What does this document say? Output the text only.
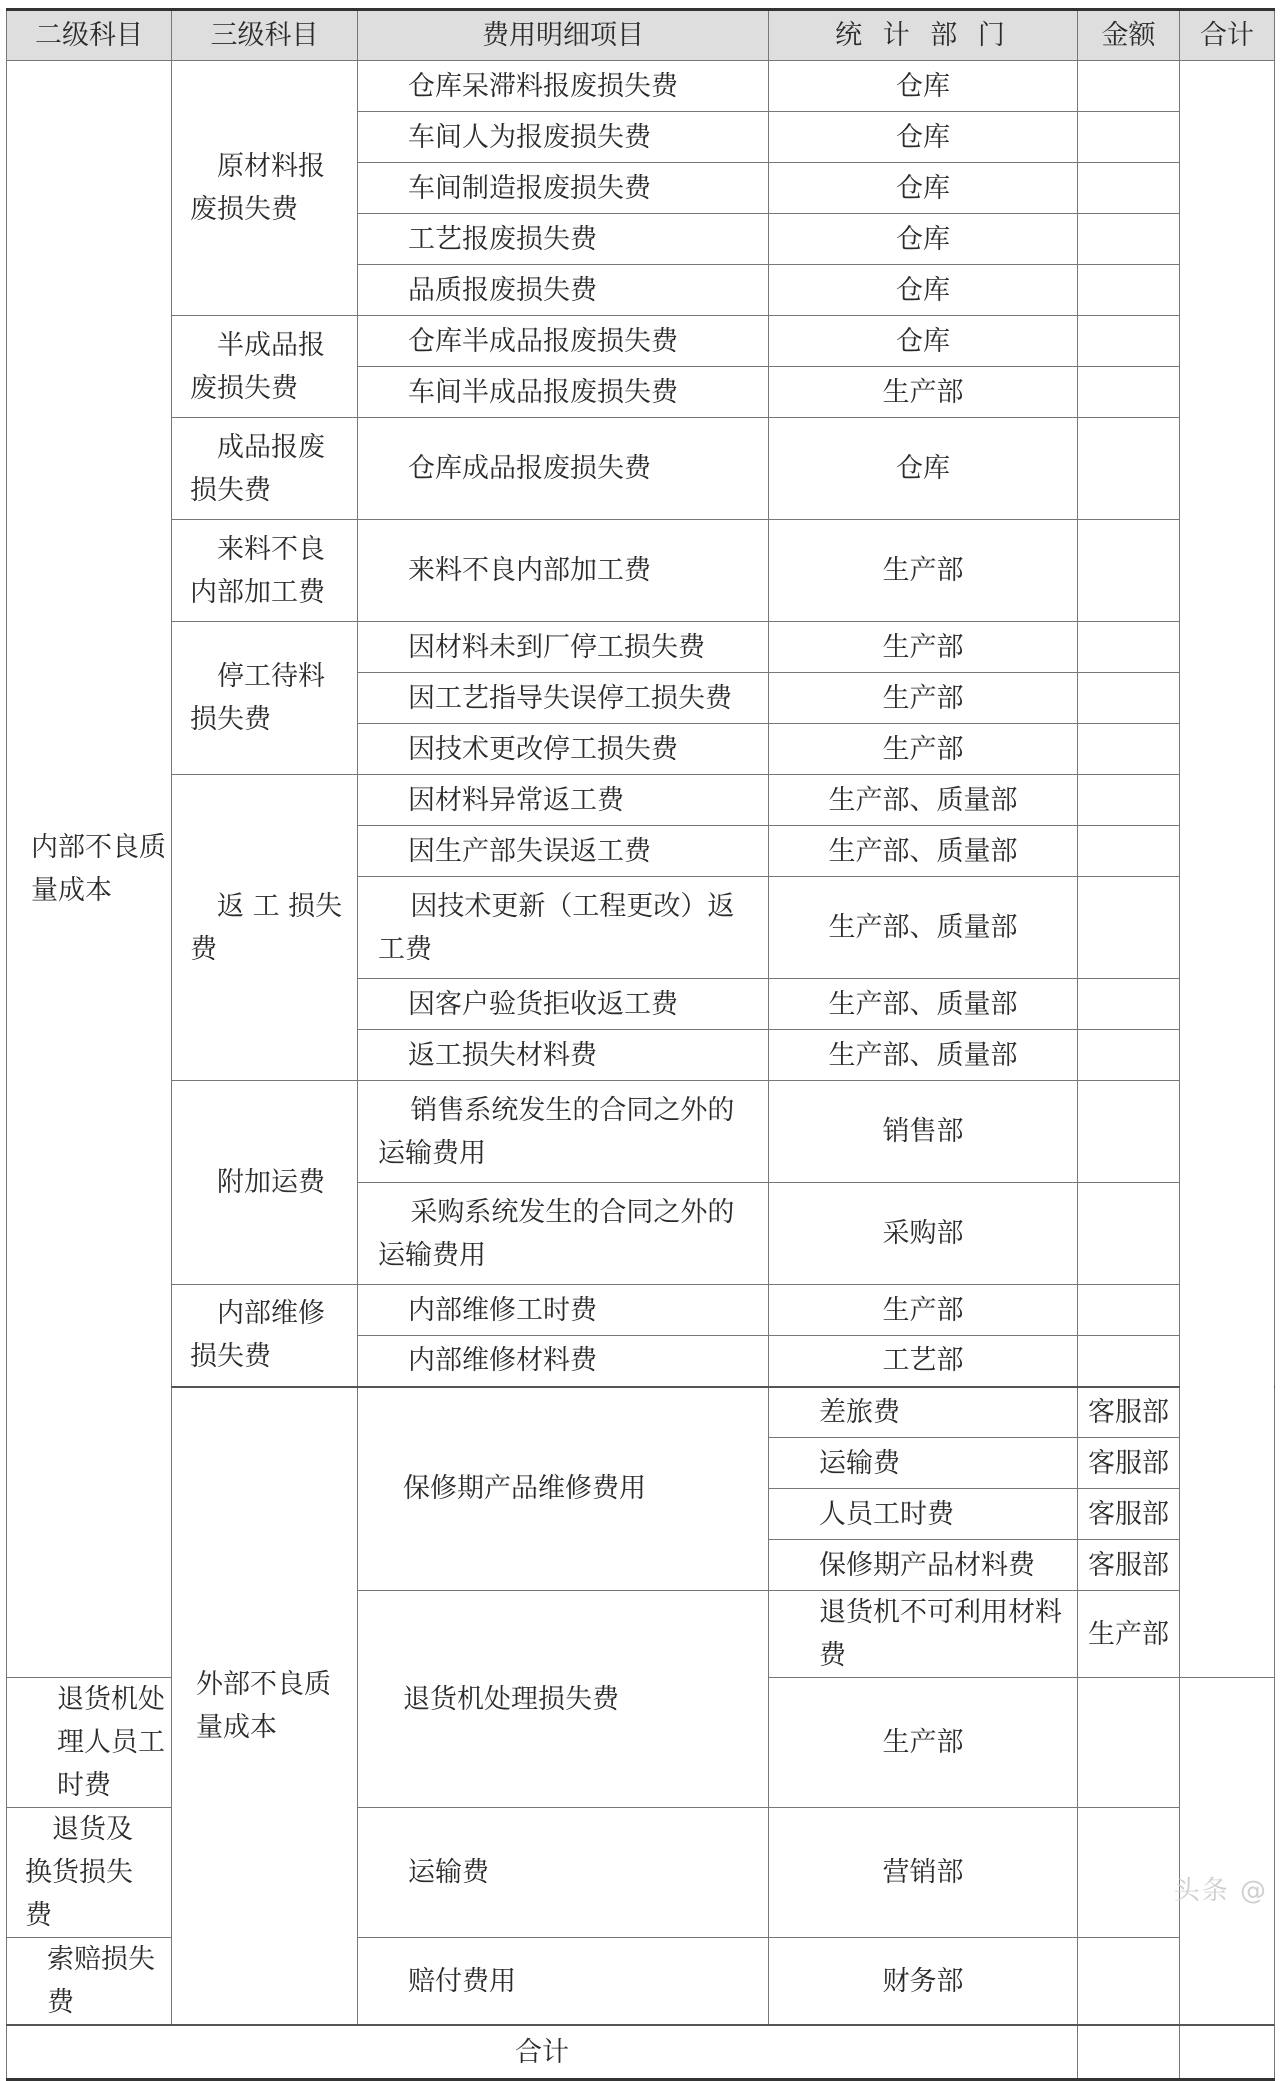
二级科目	三级科目	费用明细项目	统 计 部 门	金额	合计	
内部不良质量成本	原材料报废损失费	仓库呆滞料报废损失费	仓库			
		车间人为报废损失费	仓库			
		车间制造报废损失费	仓库			
		工艺报废损失费	仓库			
		品质报废损失费	仓库			

	半成品报废损失费	仓库半成品报废损失费	仓库			
		车间半成品报废损失费	生产部			

	成品报废损失费	仓库成品报废损失费	仓库			

	来料不良内部加工费	来料不良内部加工费	生产部			

	停工待料损失费	因材料未到厂停工损失费	生产部			
		因工艺指导失误停工损失费	生产部			
		因技术更改停工损失费	生产部			

	返 工 损失费	因材料异常返工费	生产部、质量部			
		因生产部失误返工费	生产部、质量部			
		因技术更新（工程更改）返工费	生产部、质量部			
		因客户验货拒收返工费	生产部、质量部			
		返工损失材料费	生产部、质量部			

	附加运费	销售系统发生的合同之外的运输费用	销售部			
		采购系统发生的合同之外的运输费用	采购部			

	内部维修损失费	内部维修工时费	生产部			
		内部维修材料费	工艺部			
	外部不良质量成本	保修期产品维修费用	差旅费	客服部		
			运输费	客服部		
			人员工时费	客服部		
			保修期产品材料费	客服部		

		退货机处理损失费	退货机不可利用材料费	生产部		
退货机处理人员工时费			生产部			

退货及换货损失费		运输费	营销部			
索赔损失费		赔付费用	财务部			
合计						
头条 @
